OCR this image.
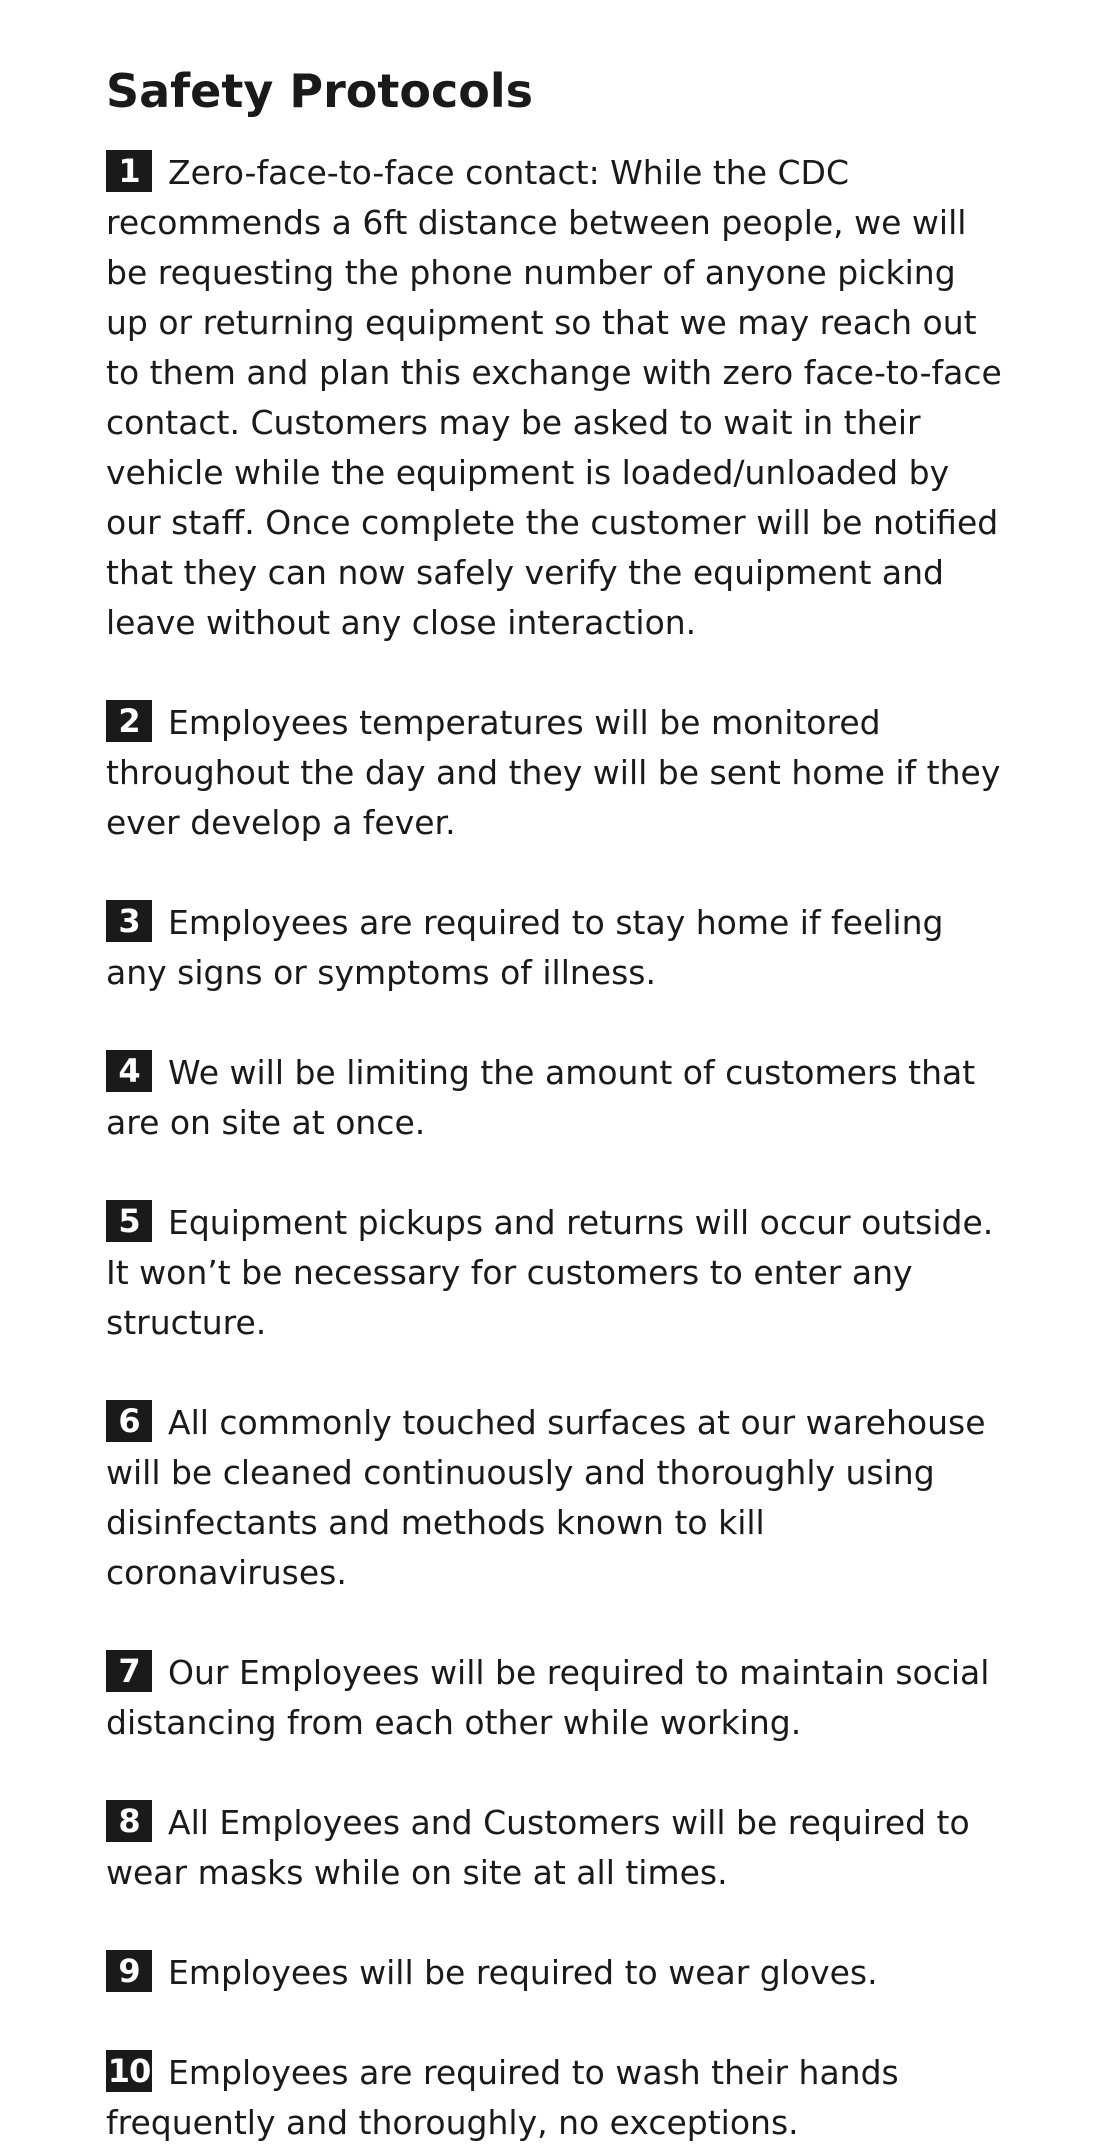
Safety Protocols
1 Zero-face-to-face contact: While the CDC recommends a 6ft distance between people, we will be requesting the phone number of anyone picking up or returning equipment so that we may reach out to them and plan this exchange with zero face-to-face contact. Customers may be asked to wait in their vehicle while the equipment is loaded/unloaded by our staff. Once complete the customer will be notified that they can now safely verify the equipment and leave without any close interaction.
2 Employees temperatures will be monitored throughout the day and they will be sent home if they ever develop a fever.
3 Employees are required to stay home if feeling any signs or symptoms of illness.
4 We will be limiting the amount of customers that are on site at once.
5 Equipment pickups and returns will occur outside. It won’t be necessary for customers to enter any structure.
6 All commonly touched surfaces at our warehouse will be cleaned continuously and thoroughly using disinfectants and methods known to kill coronaviruses.
7 Our Employees will be required to maintain social distancing from each other while working.
8 All Employees and Customers will be required to wear masks while on site at all times.
9 Employees will be required to wear gloves.
10 Employees are required to wash their hands frequently and thoroughly, no exceptions.
